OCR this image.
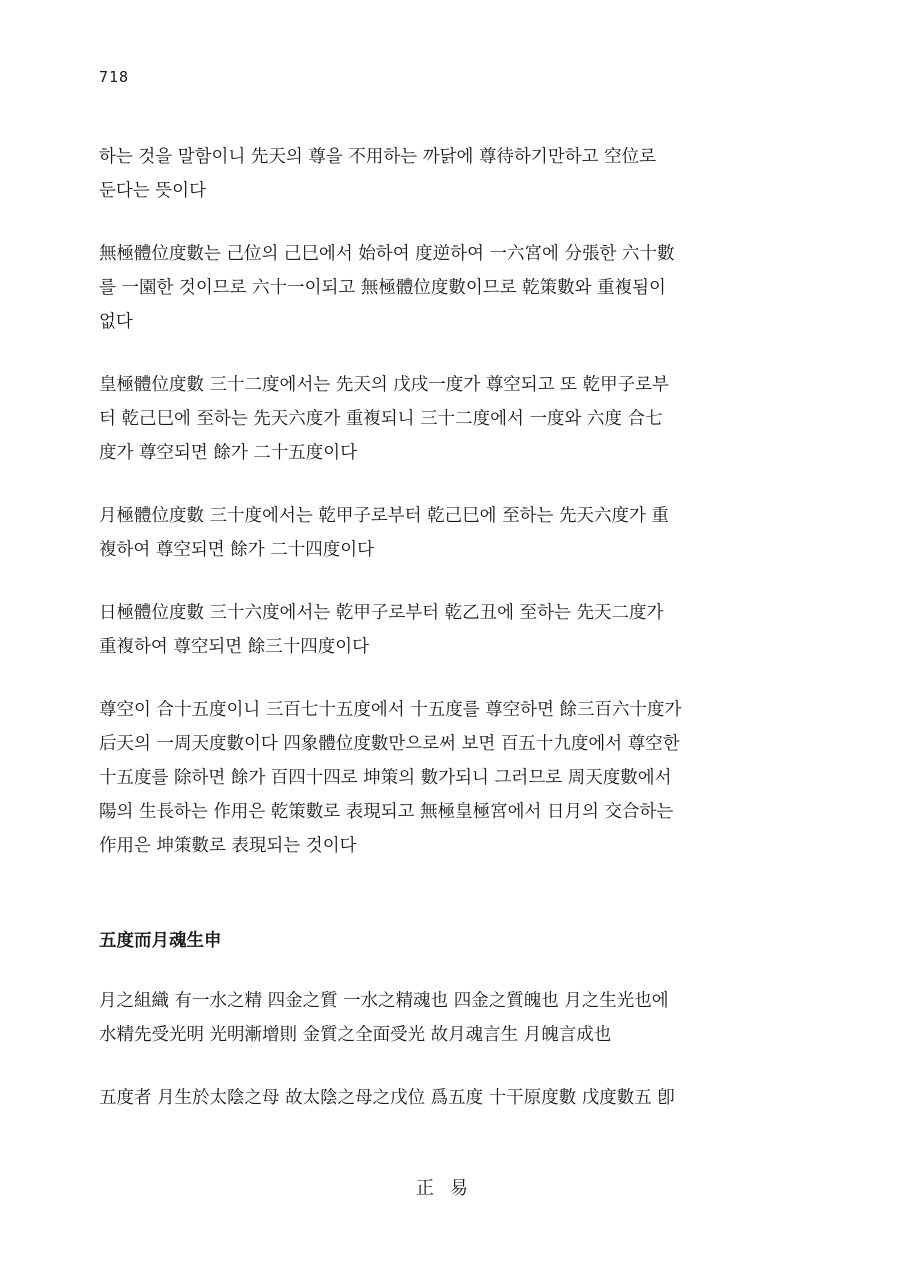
718

하는 것을 말함이니 先天의 尊을 不用하는 까닭에 尊待하기만하고 空位로
둔다는 뜻이다

無極體位度數는 己位의 己巳에서 始하여 度逆하여 一六宮에 分張한 六十數
를 一園한 것이므로 六十一이되고 無極體位度數이므로 乾策數와 重複됨이
없다

皇極體位度數 三十二度에서는 先天의 戊戌一度가 尊空되고 또 乾甲子로부
터 乾己巳에 至하는 先天六度가 重複되니 三十二度에서 一度와 六度 合七
度가 尊空되면 餘가 二十五度이다

月極體位度數 三十度에서는 乾甲子로부터 乾己巳에 至하는 先天六度가 重
複하여 尊空되면 餘가 二十四度이다

日極體位度數 三十六度에서는 乾甲子로부터 乾乙丑에 至하는 先天二度가
重複하여 尊空되면 餘三十四度이다

尊空이 合十五度이니 三百七十五度에서 十五度를 尊空하면 餘三百六十度가
后天의 一周天度數이다 四象體位度數만으로써 보면 百五十九度에서 尊空한
十五度를 除하면 餘가 百四十四로 坤策의 數가되니 그러므로 周天度數에서
陽의 生長하는 作用은 乾策數로 表現되고 無極皇極宮에서 日月의 交合하는
作用은 坤策數로 表現되는 것이다

五度而月魂生申

月之組織 有一水之精 四金之質 一水之精魂也 四金之質魄也 月之生光也에
水精先受光明 光明漸增則 金質之全面受光 故月魂言生 月魄言成也

五度者 月生於太陰之母 故太陰之母之戊位 爲五度 十干原度數 戊度數五 卽

正易
